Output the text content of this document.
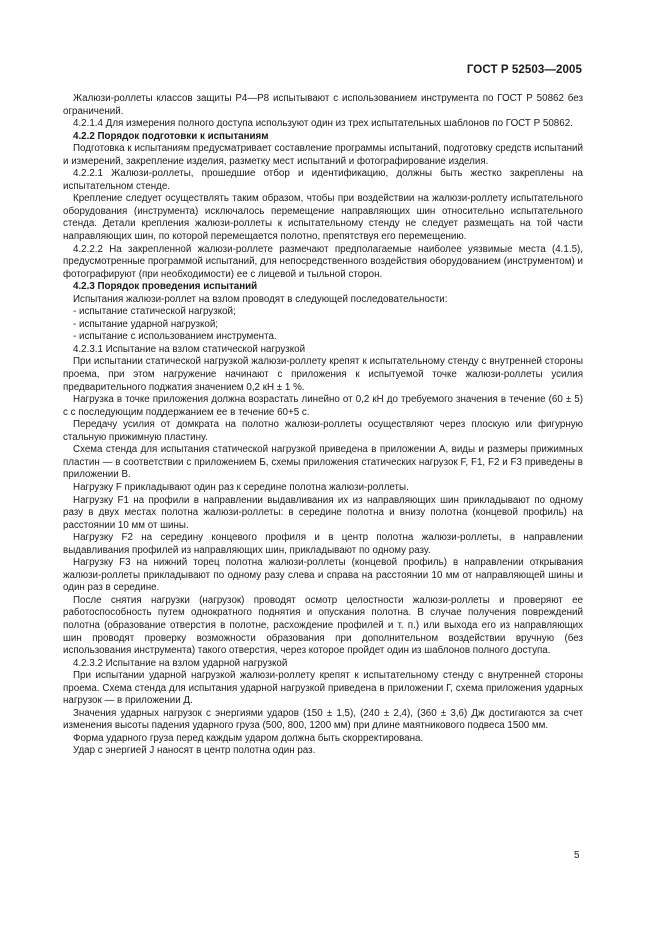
ГОСТ Р 52503—2005

Жалюзи-роллеты классов защиты Р4—Р8 испытывают с использованием инструмента по ГОСТ Р 50862 без ограничений.

4.2.1.4 Для измерения полного доступа используют один из трех испытательных шаблонов по ГОСТ Р 50862.

4.2.2 Порядок подготовки к испытаниям

Подготовка к испытаниям предусматривает составление программы испытаний, подготовку средств испытаний и измерений, закрепление изделия, разметку мест испытаний и фотографирование изделия.

4.2.2.1 Жалюзи-роллеты, прошедшие отбор и идентификацию, должны быть жестко закреплены на испытательном стенде.

Крепление следует осуществлять таким образом, чтобы при воздействии на жалюзи-роллету испытательного оборудования (инструмента) исключалось перемещение направляющих шин относительно испытательного стенда. Детали крепления жалюзи-роллеты к испытательному стенду не следует размещать на той части направляющих шин, по которой перемещается полотно, препятствуя его перемещению.

4.2.2.2 На закрепленной жалюзи-роллете размечают предполагаемые наиболее уязвимые места (4.1.5), предусмотренные программой испытаний, для непосредственного воздействия оборудованием (инструментом) и фотографируют (при необходимости) ее с лицевой и тыльной сторон.

4.2.3 Порядок проведения испытаний

Испытания жалюзи-роллет на взлом проводят в следующей последовательности:

- испытание статической нагрузкой;

- испытание ударной нагрузкой;

- испытание с использованием инструмента.

4.2.3.1 Испытание на взлом статической нагрузкой

При испытании статической нагрузкой жалюзи-роллету крепят к испытательному стенду с внутренней стороны проема, при этом нагружение начинают с приложения к испытуемой точке жалюзи-роллеты усилия предварительного поджатия значением 0,2 кН ± 1 %.

Нагрузка в точке приложения должна возрастать линейно от 0,2 кН до требуемого значения в течение (60 ± 5) с с последующим поддержанием ее в течение 60+5 с.

Передачу усилия от домкрата на полотно жалюзи-роллеты осуществляют через плоскую или фигурную стальную прижимную пластину.

Схема стенда для испытания статической нагрузкой приведена в приложении А, виды и размеры прижимных пластин — в соответствии с приложением Б, схемы приложения статических нагрузок F, F1, F2 и F3 приведены в приложении В.

Нагрузку F прикладывают один раз к середине полотна жалюзи-роллеты.

Нагрузку F1 на профили в направлении выдавливания их из направляющих шин прикладывают по одному разу в двух местах полотна жалюзи-роллеты: в середине полотна и внизу полотна (концевой профиль) на расстоянии 10 мм от шины.

Нагрузку F2 на середину концевого профиля и в центр полотна жалюзи-роллеты, в направлении выдавливания профилей из направляющих шин, прикладывают по одному разу.

Нагрузку F3 на нижний торец полотна жалюзи-роллеты (концевой профиль) в направлении открывания жалюзи-роллеты прикладывают по одному разу слева и справа на расстоянии 10 мм от направляющей шины и один раз в середине.

После снятия нагрузки (нагрузок) проводят осмотр целостности жалюзи-роллеты и проверяют ее работоспособность путем однократного поднятия и опускания полотна. В случае получения повреждений полотна (образование отверстия в полотне, расхождение профилей и т. п.) или выхода его из направляющих шин проводят проверку возможности образования при дополнительном воздействии вручную (без использования инструмента) такого отверстия, через которое пройдет один из шаблонов полного доступа.

4.2.3.2 Испытание на взлом ударной нагрузкой

При испытании ударной нагрузкой жалюзи-роллету крепят к испытательному стенду с внутренней стороны проема. Схема стенда для испытания ударной нагрузкой приведена в приложении Г, схема приложения ударных нагрузок — в приложении Д.

Значения ударных нагрузок с энергиями ударов (150 ± 1,5), (240 ± 2,4), (360 ± 3,6) Дж достигаются за счет изменения высоты падения ударного груза (500, 800, 1200 мм) при длине маятникового подвеса 1500 мм.

Форма ударного груза перед каждым ударом должна быть скорректирована.

Удар с энергией J наносят в центр полотна один раз.

5
